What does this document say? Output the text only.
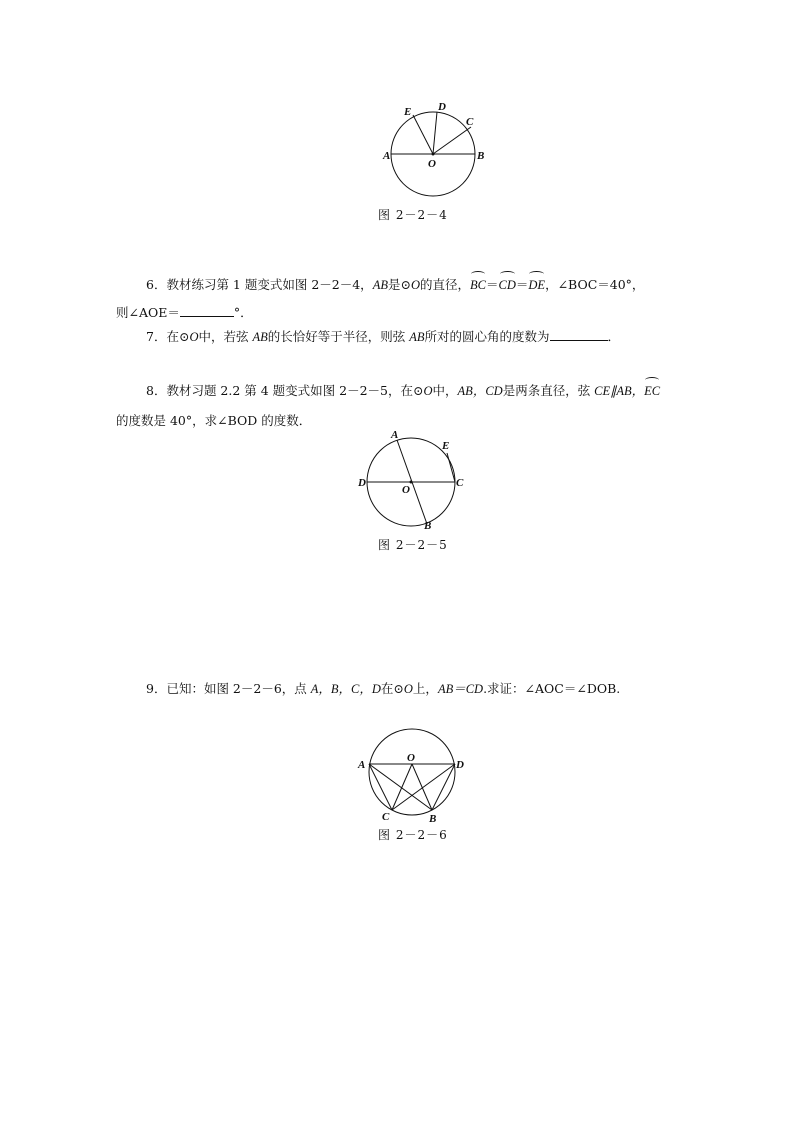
A	B
C
D
E
O
图 2－2－4
6．教材练习第 1 题变式如图 2－2－4，AB是⊙O的直径，BC＝CD＝DE，∠BOC＝40°，
则∠AOE＝	°．
7．在⊙O中，若弦 AB的长恰好等于半径，则弦 AB所对的圆心角的度数为	．
8．教材习题 2.2 第 4 题变式如图 2－2－5，在⊙O中，AB，CD是两条直径，弦 CE∥AB，EC
的度数是 40°，求∠BOD 的度数．
A
B
C
D
E
O
图 2－2－5
9．已知：如图 2－2－6，点 A，B，C，D在⊙O上，AB＝CD.求证：∠AOC＝∠DOB.
A
B
C
D
O
图 2－2－6
